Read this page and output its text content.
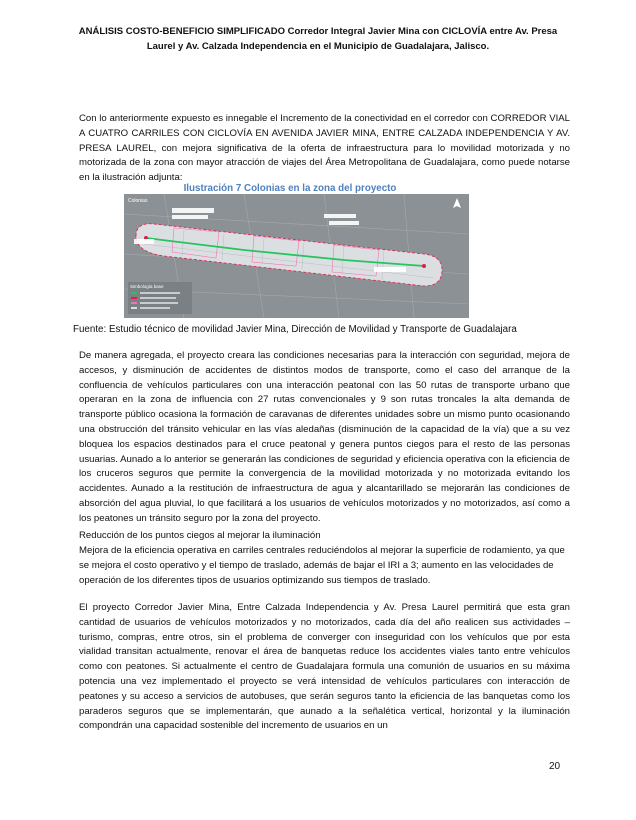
ANÁLISIS COSTO-BENEFICIO SIMPLIFICADO Corredor Integral Javier Mina con CICLOVÍA entre Av. Presa
Laurel y Av. Calzada Independencia en el Municipio de Guadalajara, Jalisco.

Con lo anteriormente expuesto es innegable el Incremento de la conectividad en el corredor con CORREDOR VIAL A CUATRO CARRILES CON CICLOVÍA EN AVENIDA JAVIER MINA, ENTRE CALZADA INDEPENDENCIA Y AV. PRESA LAUREL, con mejora significativa de la oferta de infraestructura para lo movilidad motorizada y no motorizada de la zona con mayor atracción de viajes del Área Metropolitana de Guadalajara, como puede notarse en la ilustración adjunta:

Ilustración 7 Colonias en la zona del proyecto
Colonias
Simbología base
Fuente: Estudio técnico de movilidad Javier Mina, Dirección de Movilidad y Transporte de Guadalajara

De manera agregada, el proyecto creara las condiciones necesarias para la interacción con seguridad, mejora de accesos, y disminución de accidentes de distintos modos de transporte, como el caso del arranque de la confluencia de vehículos particulares con una interacción peatonal con las 50 rutas de transporte urbano que operaran en la zona de influencia con 27 rutas convencionales y 9 son rutas troncales la alta demanda de transporte público ocasiona la formación de caravanas de diferentes unidades sobre un mismo punto ocasionando una obstrucción del tránsito vehicular en las vías aledañas (disminución de la capacidad de la vía) que a su vez bloquea los espacios destinados para el cruce peatonal y genera puntos ciegos para el resto de las personas usuarias. Aunado a lo anterior se generarán las condiciones de seguridad y eficiencia operativa con la eficiencia de los cruceros seguros que permite la convergencia de la movilidad motorizada y no motorizada evitando los accidentes. Aunado a la restitución de infraestructura de agua y alcantarillado se mejorarán las condiciones de absorción del agua pluvial, lo que facilitará a los usuarios de vehículos motorizados y no motorizados, así como a los peatones un tránsito seguro por la zona del proyecto.

Reducción de los puntos ciegos al mejorar la iluminación

Mejora de la eficiencia operativa en carriles centrales reduciéndolos al mejorar la superficie de rodamiento, ya que se mejora el costo operativo y el tiempo de traslado, además de bajar el IRI a 3; aumento en las velocidades de operación de los diferentes tipos de usuarios optimizando sus tiempos de traslado.

El proyecto Corredor Javier Mina, Entre Calzada Independencia y Av. Presa Laurel permitirá que esta gran cantidad de usuarios de vehículos motorizados y no motorizados, cada día del año realicen sus actividades –turismo, compras, entre otros, sin el problema de converger con inseguridad con los vehículos que por esta vialidad transitan actualmente, renovar el área de banquetas reduce los accidentes viales tanto entre vehículos como con peatones. Si actualmente el centro de Guadalajara formula una comunión de usuarios en su máxima potencia una vez implementado el proyecto se verá intensidad de vehículos particulares con interacción de peatones y su acceso a servicios de autobuses, que serán seguros tanto la eficiencia de las banquetas como los paraderos seguros que se implementarán, que aunado a la señalética vertical, horizontal y la iluminación compondrán una capacidad sostenible del incremento de usuarios en un

20
